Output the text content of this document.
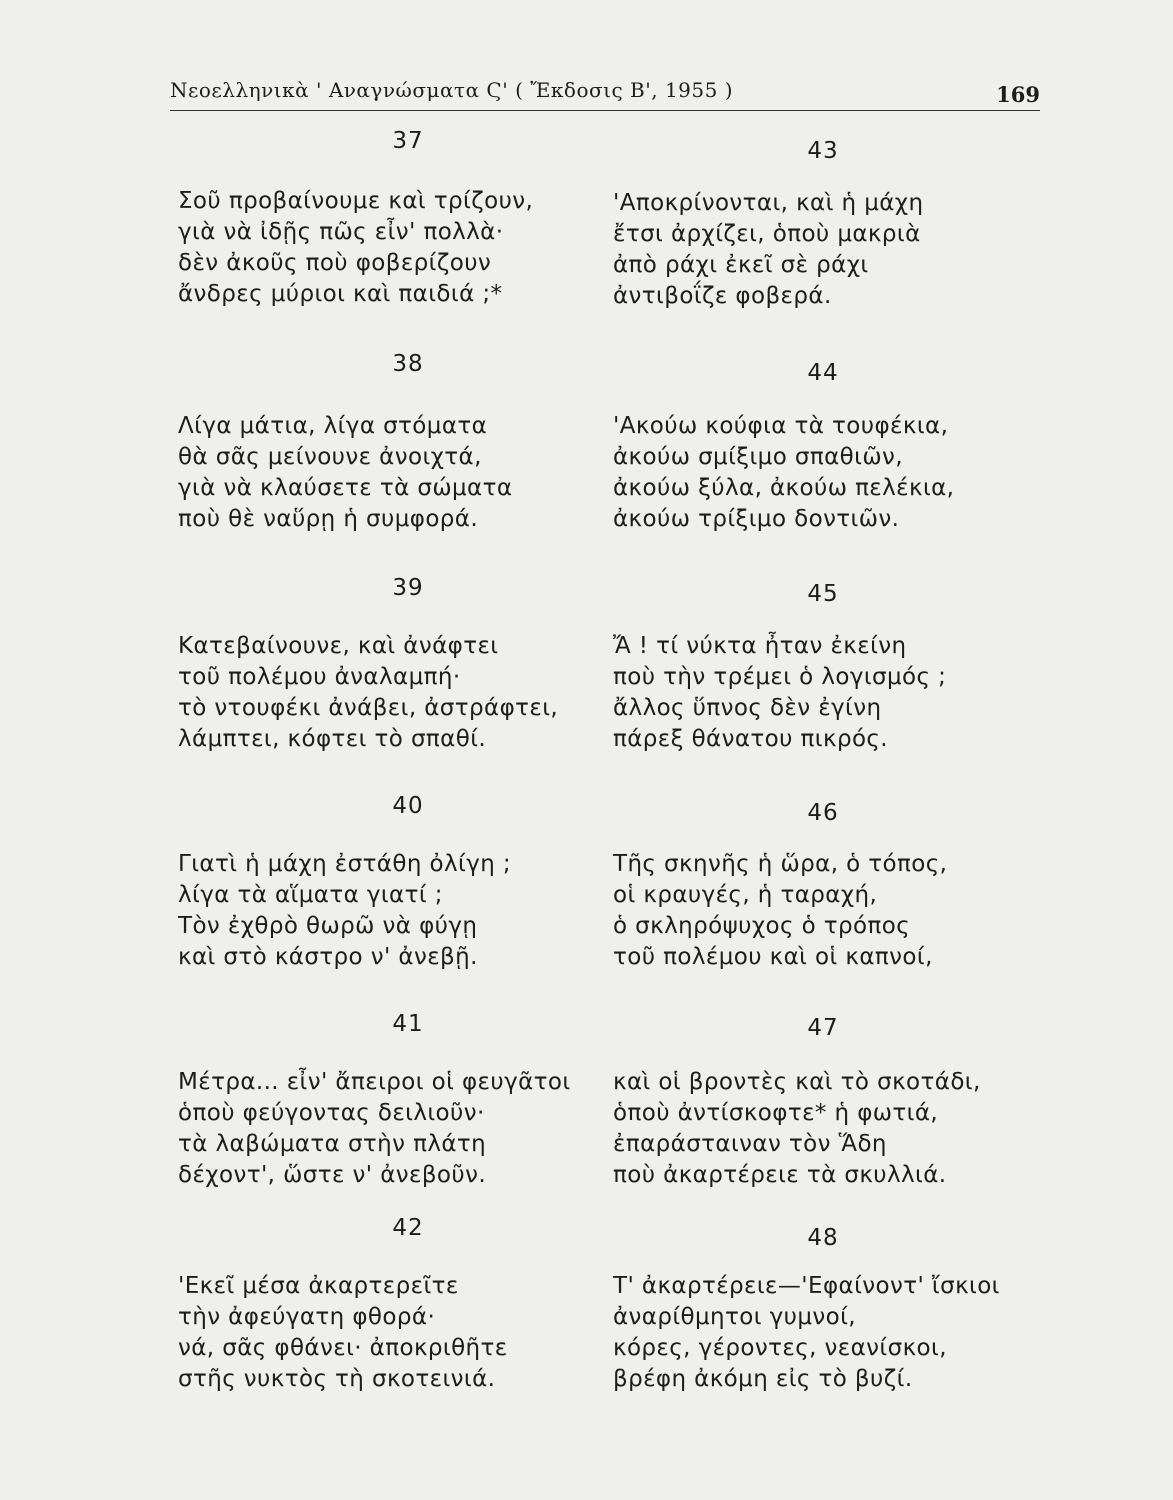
Νεοελληνικὰ ' Αναγνώσματα Ϛ' ( Ἔκδοσις Β', 1955 )	169
37
Σοῦ προβαίνουμε καὶ τρίζουν,
γιὰ νὰ ἰδῇς πῶς εἶν' πολλὰ·
δὲν ἀκοῦς ποὺ φοβερίζουν
ἄνδρες μύριοι καὶ παιδιά ;*
38
Λίγα μάτια, λίγα στόματα
θὰ σᾶς μείνουνε ἀνοιχτά,
γιὰ νὰ κλαύσετε τὰ σώματα
ποὺ θὲ ναὕρῃ ἡ συμφορά.
39
Κατεβαίνουνε, καὶ ἀνάφτει
τοῦ πολέμου ἀναλαμπή·
τὸ ντουφέκι ἀνάβει, ἀστράφτει,
λάμπτει, κόφτει τὸ σπαθί.
40
Γιατὶ ἡ μάχη ἐστάθη ὀλίγη ;
λίγα τὰ αἵματα γιατί ;
Τὸν ἐχθρὸ θωρῶ νὰ φύγῃ
καὶ στὸ κάστρο ν' ἀνεβῇ.
41
Μέτρα... εἶν' ἄπειροι οἱ φευγᾶτοι
ὁποὺ φεύγοντας δειλιοῦν·
τὰ λαβώματα στὴν πλάτη
δέχοντ', ὥστε ν' ἀνεβοῦν.
42
'Εκεῖ μέσα ἀκαρτερεῖτε
τὴν ἀφεύγατη φθορά·
νά, σᾶς φθάνει· ἀποκριθῆτε
στῆς νυκτὸς τὴ σκοτεινιά.
43
'Αποκρίνονται, καὶ ἡ μάχη
ἔτσι ἀρχίζει, ὁποὺ μακριὰ
ἀπὸ ράχι ἐκεῖ σὲ ράχι
ἀντιβοΐζε φοβερά.
44
'Ακούω κούφια τὰ τουφέκια,
ἀκούω σμίξιμο σπαθιῶν,
ἀκούω ξύλα, ἀκούω πελέκια,
ἀκούω τρίξιμο δοντιῶν.
45
Ἄ ! τί νύκτα ἦταν ἐκείνη
ποὺ τὴν τρέμει ὁ λογισμός ;
ἄλλος ὕπνος δὲν ἐγίνη
πάρεξ θάνατου πικρός.
46
Τῆς σκηνῆς ἡ ὥρα, ὁ τόπος,
οἱ κραυγές, ἡ ταραχή,
ὁ σκληρόψυχος ὁ τρόπος
τοῦ πολέμου καὶ οἱ καπνοί,
47
καὶ οἱ βροντὲς καὶ τὸ σκοτάδι,
ὁποὺ ἀντίσκοφτε* ἡ φωτιά,
ἐπαράσταιναν τὸν Ἅδη
ποὺ ἀκαρτέρειε τὰ σκυλλιά.
48
Τ' ἀκαρτέρειε—'Εφαίνοντ' ἴσκιοι
ἀναρίθμητοι γυμνοί,
κόρες, γέροντες, νεανίσκοι,
βρέφη ἀκόμη εἰς τὸ βυζί.
